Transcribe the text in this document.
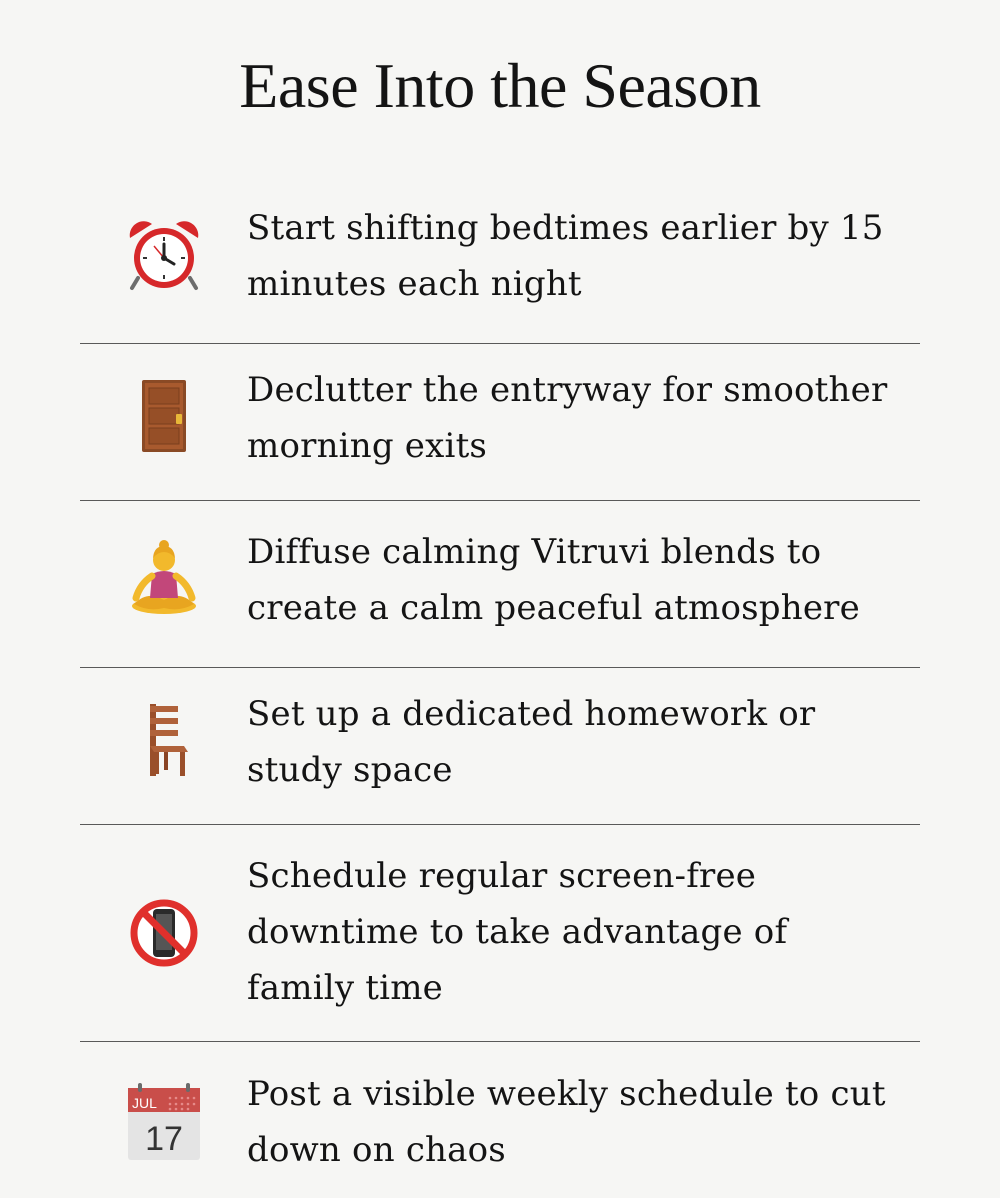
Ease Into the Season

Start shifting bedtimes earlier by 15 minutes each night

Declutter the entryway for smoother morning exits

Diffuse calming Vitruvi blends to create a calm peaceful atmosphere

Set up a dedicated homework or study space

Schedule regular screen-free downtime to take advantage of family time

JUL
17

Post a visible weekly schedule to cut down on chaos
